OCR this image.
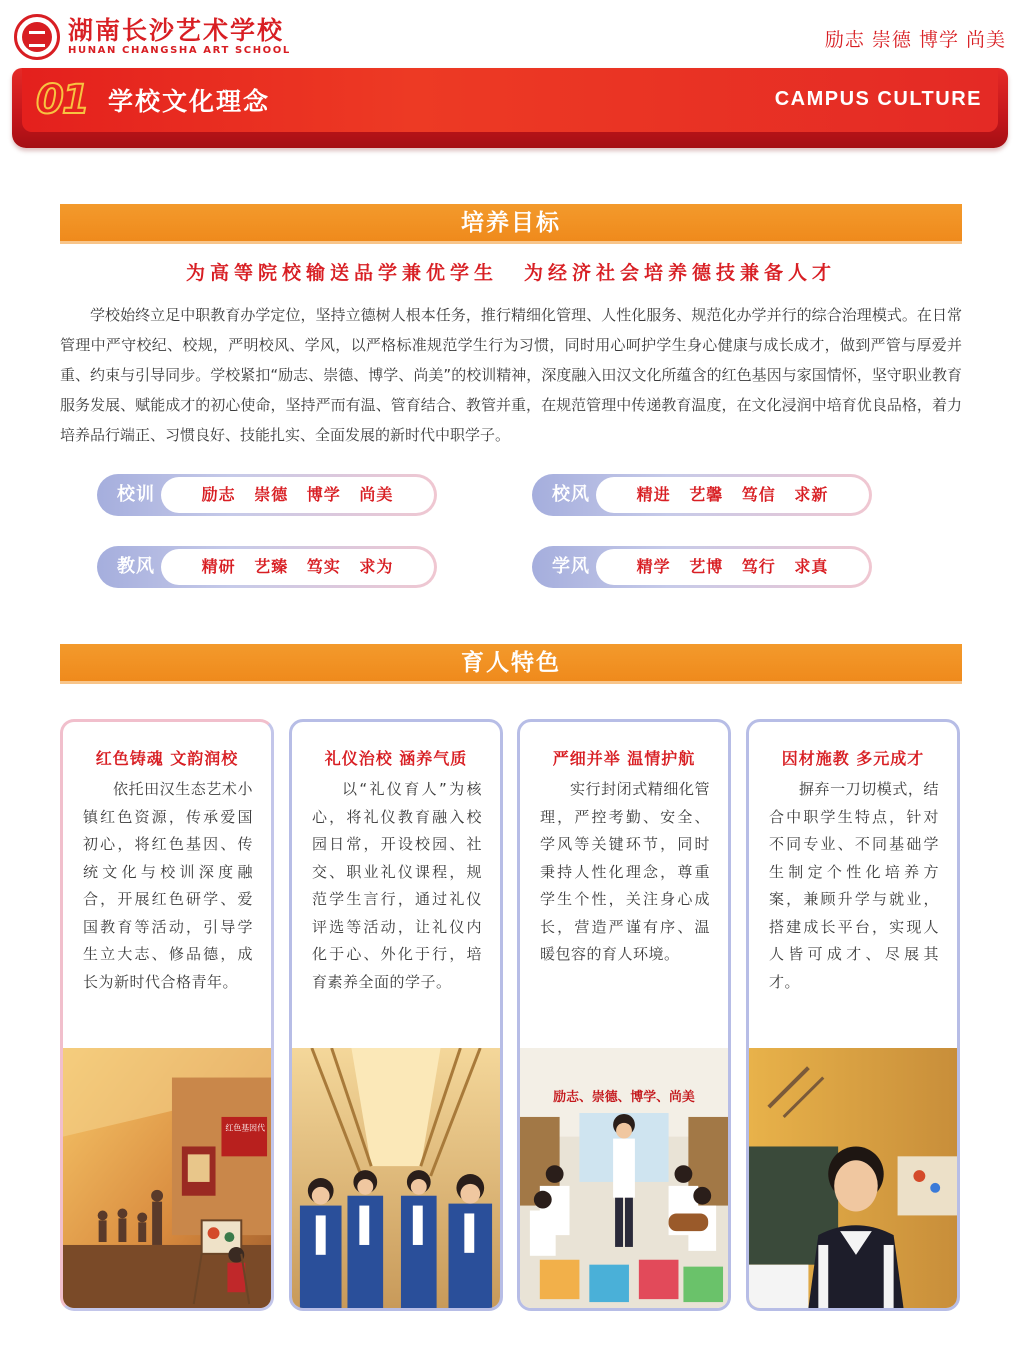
湖南长沙艺术学校
HUNAN CHANGSHA ART SCHOOL	励志 崇德 博学 尚美
01 学校文化理念	CAMPUS CULTURE
培养目标
为高等院校输送品学兼优学生 为经济社会培养德技兼备人才

学校始终立足中职教育办学定位，坚持立德树人根本任务，推行精细化管理、人性化服务、规范化办学并行的综合治理模式。在日常管理中严守校纪、校规，严明校风、学风，以严格标准规范学生行为习惯，同时用心呵护学生身心健康与成长成才，做到严管与厚爱并重、约束与引导同步。学校紧扣“励志、崇德、博学、尚美”的校训精神，深度融入田汉文化所蕴含的红色基因与家国情怀，坚守职业教育服务发展、赋能成才的初心使命，坚持严而有温、管育结合、教管并重，在规范管理中传递教育温度，在文化浸润中培育优良品格，着力培养品行端正、习惯良好、技能扎实、全面发展的新时代中职学子。

校训	励志 崇德 博学 尚美	校风	精进 艺馨 笃信 求新
教风	精研 艺臻 笃实 求为	学风	精学 艺博 笃行 求真
育人特色
红色铸魂 文韵润校
依托田汉生态艺术小镇红色资源，传承爱国初心，将红色基因、传统文化与校训深度融合，开展红色研学、爱国教育等活动，引导学生立大志、修品德，成长为新时代合格青年。
红色基因代
礼仪治校 涵养气质
以“礼仪育人”为核心，将礼仪教育融入校园日常，开设校园、社交、职业礼仪课程，规范学生言行，通过礼仪评选等活动，让礼仪内化于心、外化于行，培育素养全面的学子。
严细并举 温情护航
实行封闭式精细化管理，严控考勤、安全、学风等关键环节，同时秉持人性化理念，尊重学生个性，关注身心成长，营造严谨有序、温暖包容的育人环境。
励志、崇德、博学、尚美
因材施教 多元成才
摒弃一刀切模式，结合中职学生特点，针对不同专业、不同基础学生制定个性化培养方案，兼顾升学与就业，搭建成长平台，实现人人皆可成才、尽展其才。
